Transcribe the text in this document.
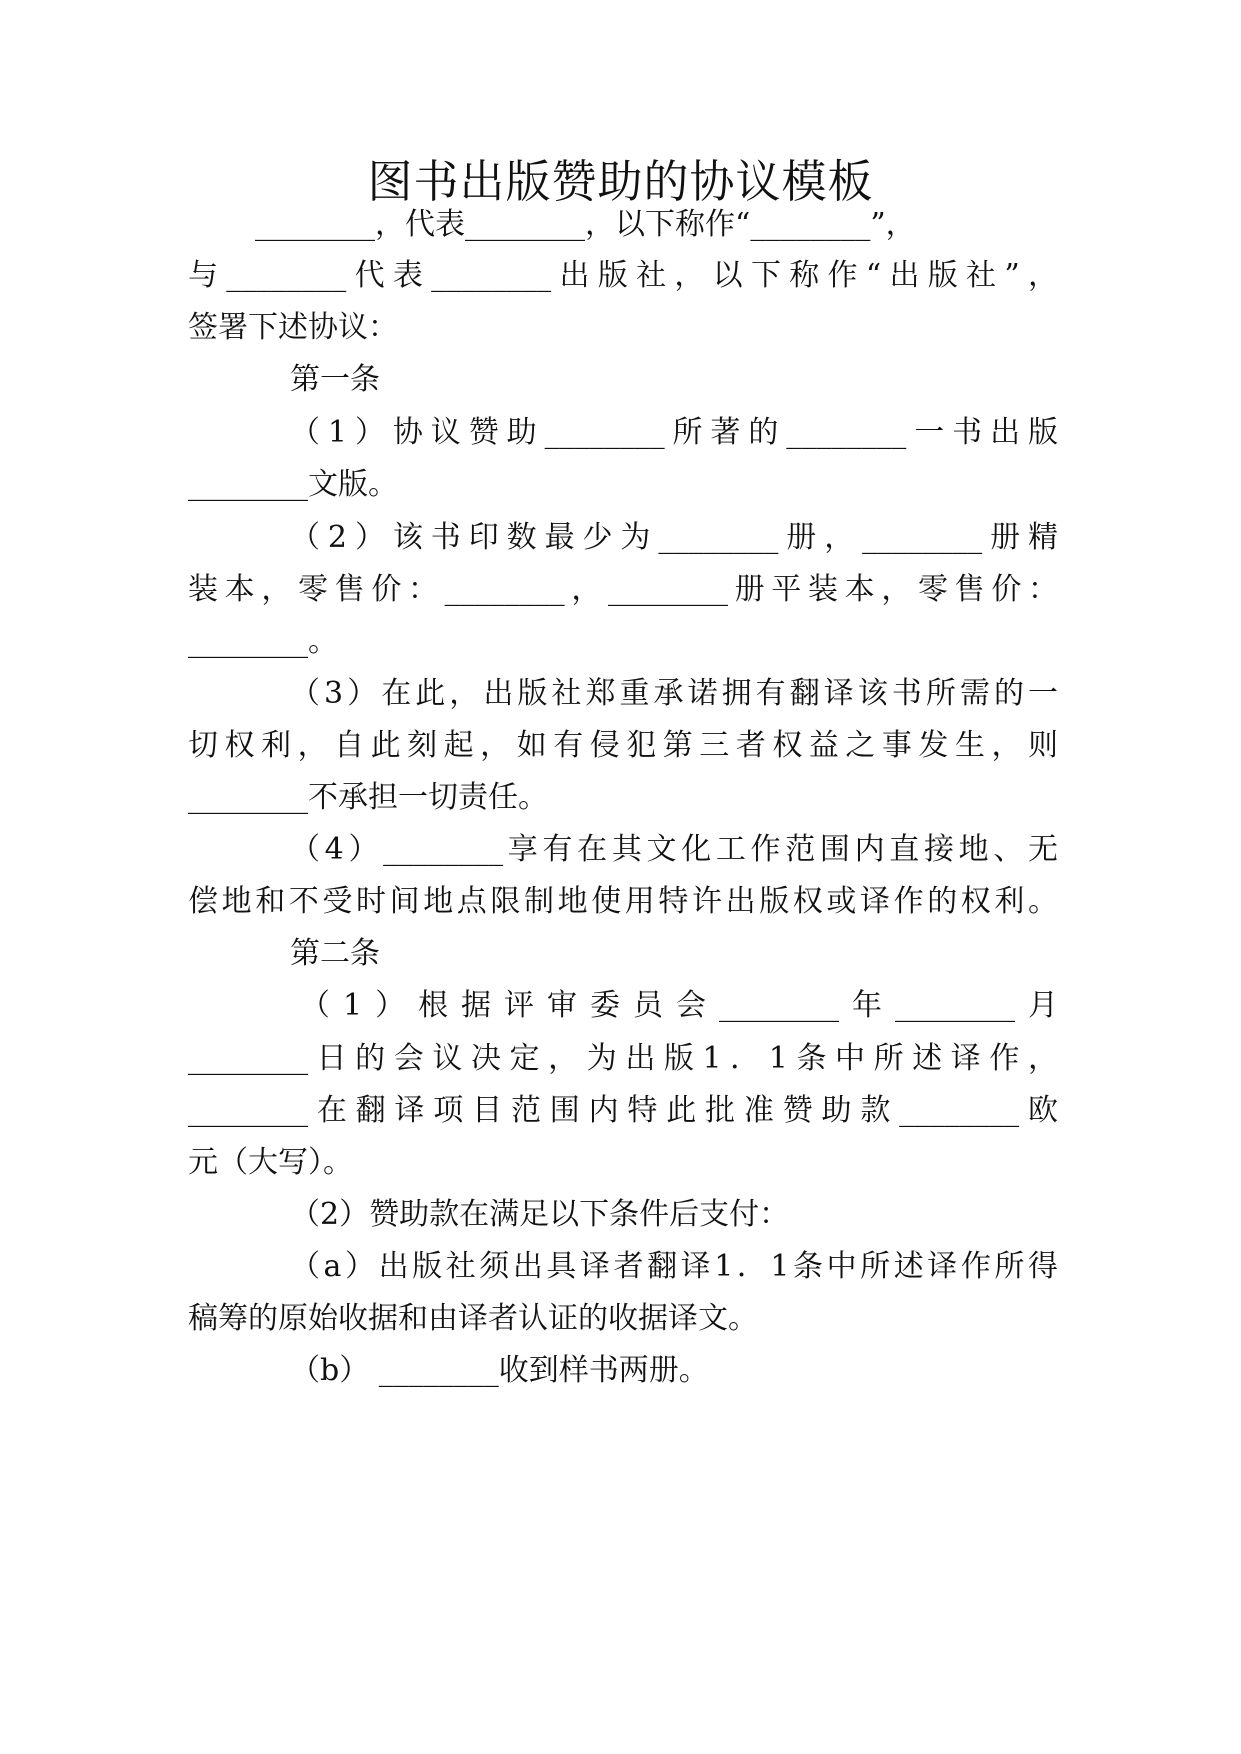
图书出版赞助的协议模板
________，代表________，以下称作“________”，
与________代表________出版社，以下称作“出版社”，
签署下述协议：
第一条
（1）协议赞助________所著的________一书出版
________文版。
（2）该书印数最少为________册，________册精
装本，零售价：________，________册平装本，零售价：
________。
（3）在此，出版社郑重承诺拥有翻译该书所需的一
切权利，自此刻起，如有侵犯第三者权益之事发生，则
________不承担一切责任。
（4）________享有在其文化工作范围内直接地、无
偿地和不受时间地点限制地使用特许出版权或译作的权利。
第二条
（1）根据评审委员会________年________月
________日的会议决定，为出版1．1条中所述译作，
________在翻译项目范围内特此批准赞助款________欧
元（大写）。
（2）赞助款在满足以下条件后支付：
（a）出版社须出具译者翻译1．1条中所述译作所得
稿筹的原始收据和由译者认证的收据译文。
（b） ________收到样书两册。
